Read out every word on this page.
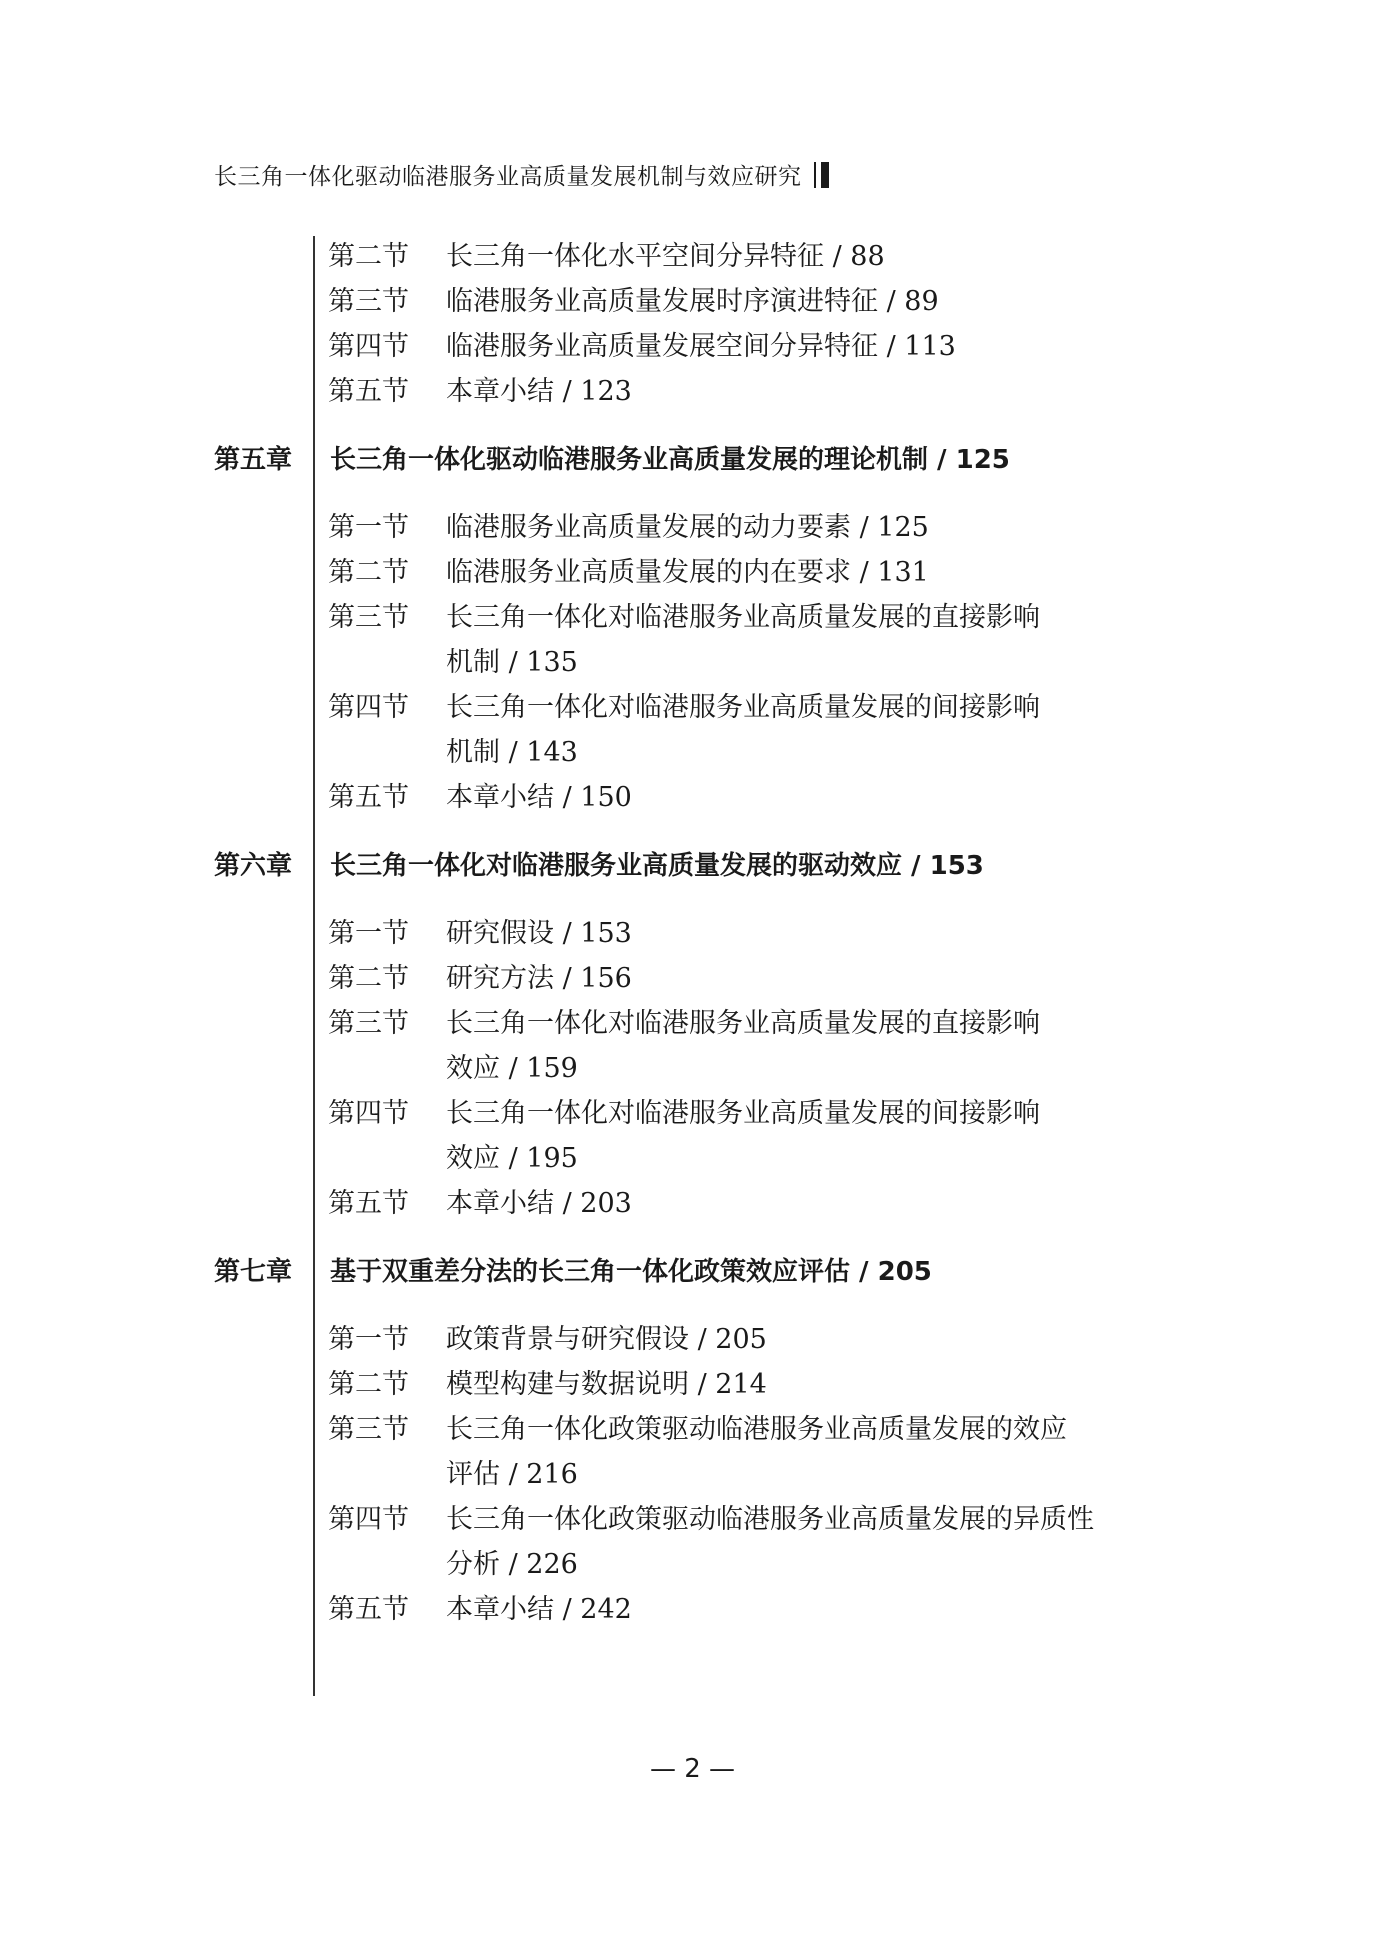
长三角一体化驱动临港服务业高质量发展机制与效应研究
第二节 长三角一体化水平空间分异特征 / 88
第三节 临港服务业高质量发展时序演进特征 / 89
第四节 临港服务业高质量发展空间分异特征 / 113
第五节 本章小结 / 123
第五章 长三角一体化驱动临港服务业高质量发展的理论机制 / 125
第一节 临港服务业高质量发展的动力要素 / 125
第二节 临港服务业高质量发展的内在要求 / 131
第三节 长三角一体化对临港服务业高质量发展的直接影响
机制 / 135
第四节 长三角一体化对临港服务业高质量发展的间接影响
机制 / 143
第五节 本章小结 / 150
第六章 长三角一体化对临港服务业高质量发展的驱动效应 / 153
第一节 研究假设 / 153
第二节 研究方法 / 156
第三节 长三角一体化对临港服务业高质量发展的直接影响
效应 / 159
第四节 长三角一体化对临港服务业高质量发展的间接影响
效应 / 195
第五节 本章小结 / 203
第七章 基于双重差分法的长三角一体化政策效应评估 / 205
第一节 政策背景与研究假设 / 205
第二节 模型构建与数据说明 / 214
第三节 长三角一体化政策驱动临港服务业高质量发展的效应
评估 / 216
第四节 长三角一体化政策驱动临港服务业高质量发展的异质性
分析 / 226
第五节 本章小结 / 242
— 2 —
